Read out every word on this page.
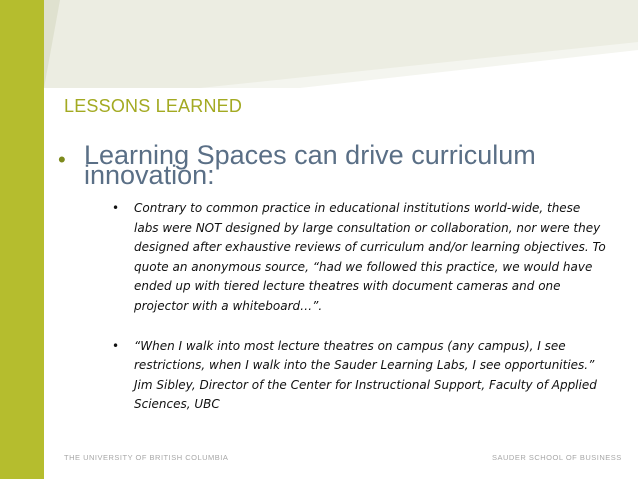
LESSONS LEARNED
• Learning Spaces can drive curriculum innovation:
• Contrary to common practice in educational institutions world-wide, these labs were NOT designed by large consultation or collaboration, nor were they designed after exhaustive reviews of curriculum and/or learning objectives. To quote an anonymous source, “had we followed this practice, we would have ended up with tiered lecture theatres with document cameras and one projector with a whiteboard…”.
• “When I walk into most lecture theatres on campus (any campus), I see restrictions, when I walk into the Sauder Learning Labs, I see opportunities.” Jim Sibley, Director of the Center for Instructional Support, Faculty of Applied Sciences, UBC
THE UNIVERSITY OF BRITISH COLUMBIA	SAUDER SCHOOL OF BUSINESS
